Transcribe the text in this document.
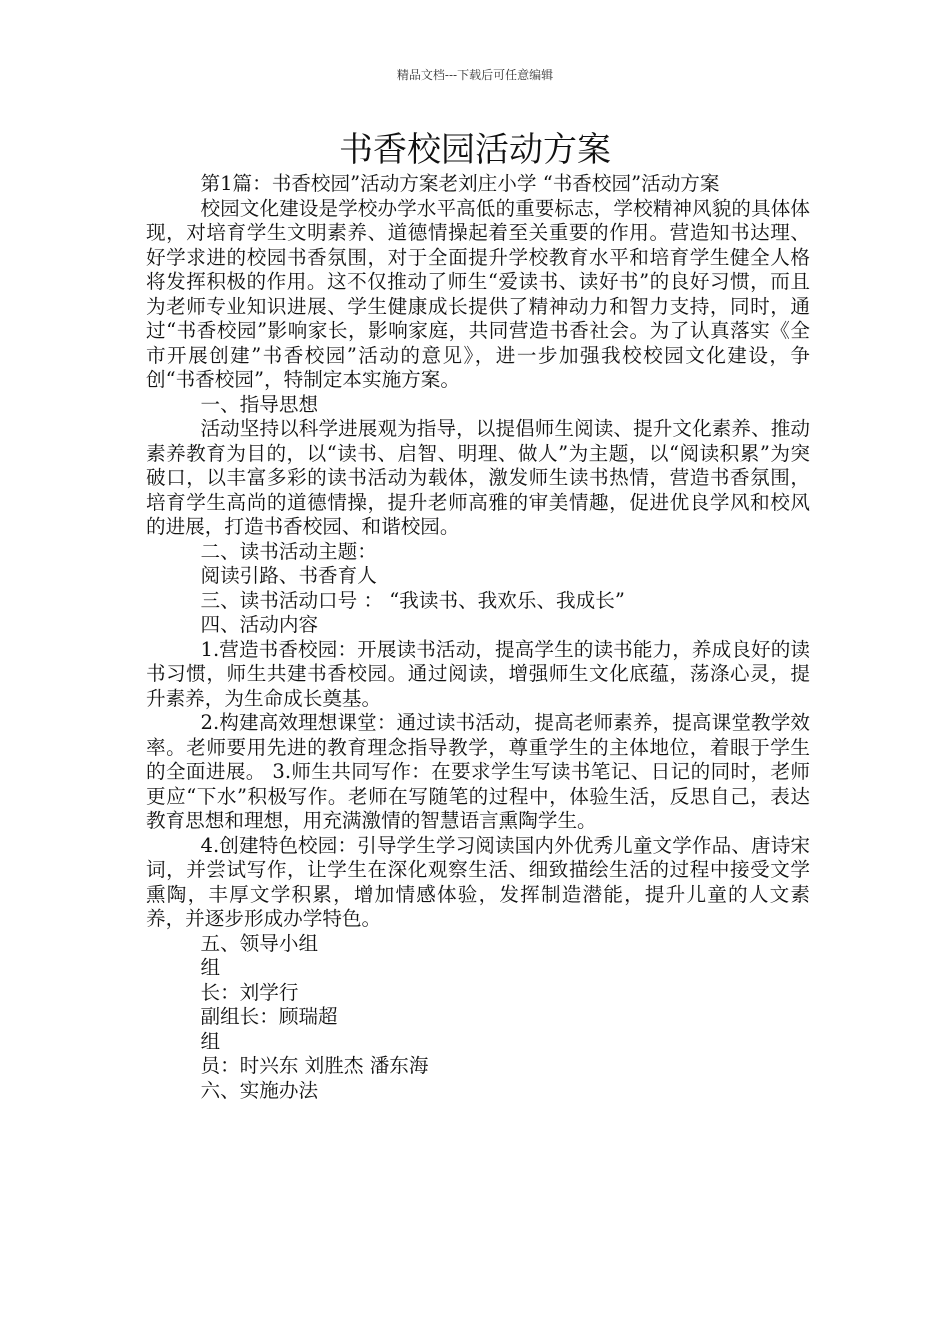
精品文档---下载后可任意编辑
书香校园活动方案

第1篇：书香校园”活动方案老刘庄小学 “书香校园”活动方案

校园文化建设是学校办学水平高低的重要标志，学校精神风貌的具体体现，对培育学生文明素养、道德情操起着至关重要的作用。营造知书达理、好学求进的校园书香氛围，对于全面提升学校教育水平和培育学生健全人格将发挥积极的作用。这不仅推动了师生“爱读书、读好书”的良好习惯，而且为老师专业知识进展、学生健康成长提供了精神动力和智力支持，同时，通过“书香校园”影响家长，影响家庭，共同营造书香社会。为了认真落实《全市开展创建”书香校园”活动的意见》，进一步加强我校校园文化建设，争创“书香校园”，特制定本实施方案。

一、指导思想

活动坚持以科学进展观为指导，以提倡师生阅读、提升文化素养、推动素养教育为目的，以“读书、启智、明理、做人”为主题，以“阅读积累”为突破口，以丰富多彩的读书活动为载体，激发师生读书热情，营造书香氛围，培育学生高尚的道德情操，提升老师高雅的审美情趣，促进优良学风和校风的进展，打造书香校园、和谐校园。

二、读书活动主题：

阅读引路、书香育人

三、读书活动口号 ： “我读书、我欢乐、我成长”

四、活动内容

1.营造书香校园：开展读书活动，提高学生的读书能力，养成良好的读书习惯，师生共建书香校园。通过阅读，增强师生文化底蕴，荡涤心灵，提升素养，为生命成长奠基。

2.构建高效理想课堂：通过读书活动，提高老师素养，提高课堂教学效率。老师要用先进的教育理念指导教学，尊重学生的主体地位，着眼于学生的全面进展。 3.师生共同写作：在要求学生写读书笔记、日记的同时，老师更应“下水”积极写作。老师在写随笔的过程中，体验生活，反思自己，表达教育思想和理想，用充满激情的智慧语言熏陶学生。

4.创建特色校园：引导学生学习阅读国内外优秀儿童文学作品、唐诗宋词，并尝试写作，让学生在深化观察生活、细致描绘生活的过程中接受文学熏陶，丰厚文学积累，增加情感体验，发挥制造潜能，提升儿童的人文素养，并逐步形成办学特色。

五、领导小组

组

长：刘学行

副组长：顾瑞超

组

员：时兴东 刘胜杰 潘东海

六、实施办法
